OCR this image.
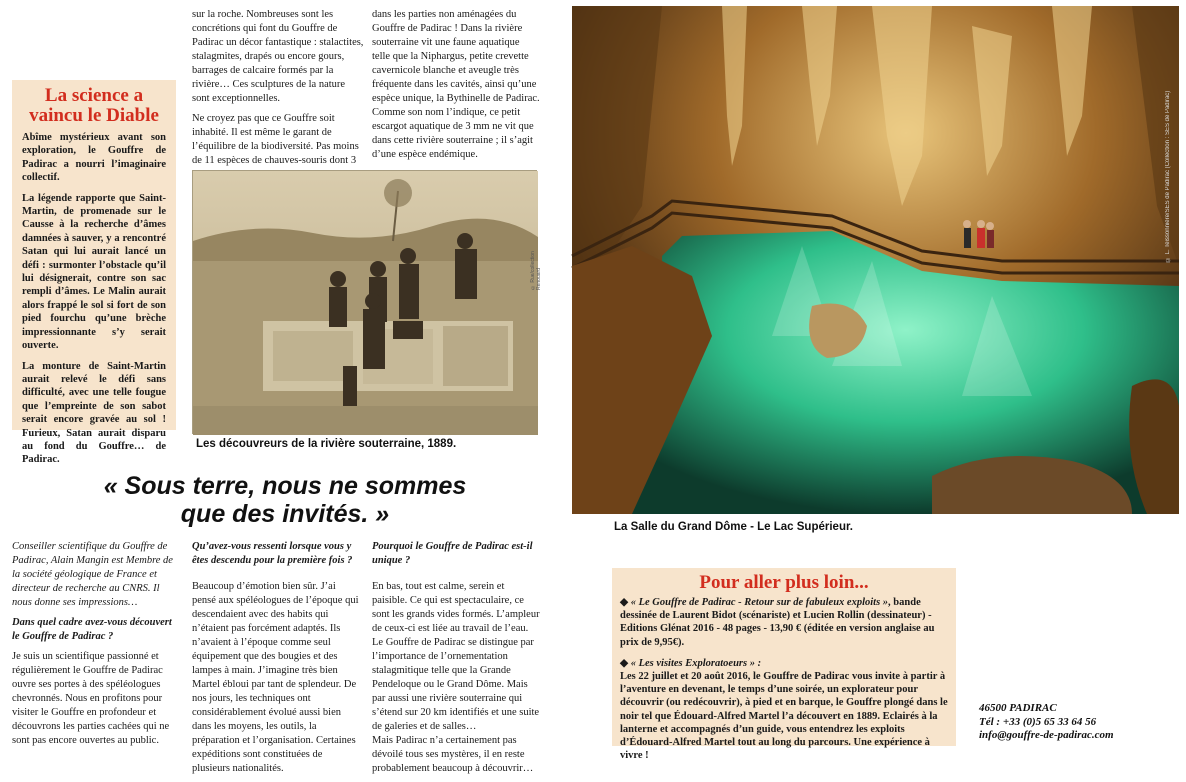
La science a vaincu le Diable

Abîme mystérieux avant son exploration, le Gouffre de Padirac a nourri l’imaginaire collectif.

La légende rapporte que Saint-Martin, de promenade sur le Causse à la recherche d’âmes damnées à sauver, y a rencontré Satan qui lui aurait lancé un défi : surmonter l’obstacle qu’il lui désignerait, contre son sac rempli d’âmes. Le Malin aurait alors frappé le sol si fort de son pied fourchu qu’une brèche impressionnante s’y serait ouverte.

La monture de Saint-Martin aurait relevé le défi sans difficulté, avec une telle fougue que l’empreinte de son sabot serait encore gravée au sol ! Furieux, Satan aurait disparu au fond du Gouffre… de Padirac.

sur la roche. Nombreuses sont les concrétions qui font du Gouffre de Padirac un décor fantastique : stalactites, stalagmites, drapés ou encore gours, barrages de calcaire formés par la rivière… Ces sculptures de la nature sont exceptionnelles.

Ne croyez pas que ce Gouffre soit inhabité. Il est même le garant de l’équilibre de la biodiversité. Pas moins de 11 espèces de chauves-souris dont 3

dans les parties non aménagées du Gouffre de Padirac ! Dans la rivière souterraine vit une faune aquatique telle que la Niphargus, petite crevette cavernicole blanche et aveugle très fréquente dans les cavités, ainsi qu’une espèce unique, la Bythinelle de Padirac. Comme son nom l’indique, ce petit escargot aquatique de 3 mm ne vit que dans cette rivière souterraine ; il s’agit d’une espèce endémique.

© Rue/collection Renouard
Les découvreurs de la rivière souterraine, 1889.
« Sous terre, nous ne sommes
que des invités. »

Conseiller scientifique du Gouffre de Padirac, Alain Mangin est Membre de la société géologique de France et directeur de recherche au CNRS. Il nous donne ses impressions…

Dans quel cadre avez-vous découvert le Gouffre de Padirac ?

Je suis un scientifique passionné et régulièrement le Gouffre de Padirac ouvre ses portes à des spéléologues chevronnés. Nous en profitons pour visiter le Gouffre en profondeur et découvrons les parties cachées qui ne sont pas encore ouvertes au public.

Qu’avez-vous ressenti lorsque vous y êtes descendu pour la première fois ?

Beaucoup d’émotion bien sûr. J’ai pensé aux spéléologues de l’époque qui descendaient avec des habits qui n’étaient pas forcément adaptés. Ils n’avaient à l’époque comme seul équipement que des bougies et des lampes à main. J’imagine très bien Martel ébloui par tant de splendeur. De nos jours, les techniques ont considérablement évolué aussi bien dans les moyens, les outils, la préparation et l’organisation. Certaines expéditions sont constituées de plusieurs nationalités.

Pourquoi le Gouffre de Padirac est-il unique ?

En bas, tout est calme, serein et paisible. Ce qui est spectaculaire, ce sont les grands vides formés. L’ampleur de ceux-ci est liée au travail de l’eau. Le Gouffre de Padirac se distingue par l’importance de l’ornementation stalagmitique telle que la Grande Pendeloque ou le Grand Dôme. Mais par aussi une rivière souterraine qui s’étend sur 20 km identifiés et une suite de galeries et de salles…

Mais Padirac n’a certainement pas dévoilé tous ses mystères, il en reste probablement beaucoup à découvrir…

© L. Teissonnière/SES de Padirac (Collection : SES de Padirac)
La Salle du Grand Dôme - Le Lac Supérieur.
Pour aller plus loin...

◆ « Le Gouffre de Padirac - Retour sur de fabuleux exploits », bande dessinée de Laurent Bidot (scénariste) et Lucien Rollin (dessinateur) - Editions Glénat 2016 - 48 pages - 13,90 € (éditée en version anglaise au prix de 9,95€).

◆ « Les visites Exploratoeurs » :
Les 22 juillet et 20 août 2016, le Gouffre de Padirac vous invite à partir à l’aventure en devenant, le temps d’une soirée, un explorateur pour découvrir (ou redécouvrir), à pied et en barque, le Gouffre plongé dans le noir tel que Édouard-Alfred Martel l’a découvert en 1889. Eclairés à la lanterne et accompagnés d’un guide, vous entendrez les exploits d’Édouard-Alfred Martel tout au long du parcours. Une expérience à vivre !

46500 PADIRAC
Tél : +33 (0)5 65 33 64 56
info@gouffre-de-padirac.com
